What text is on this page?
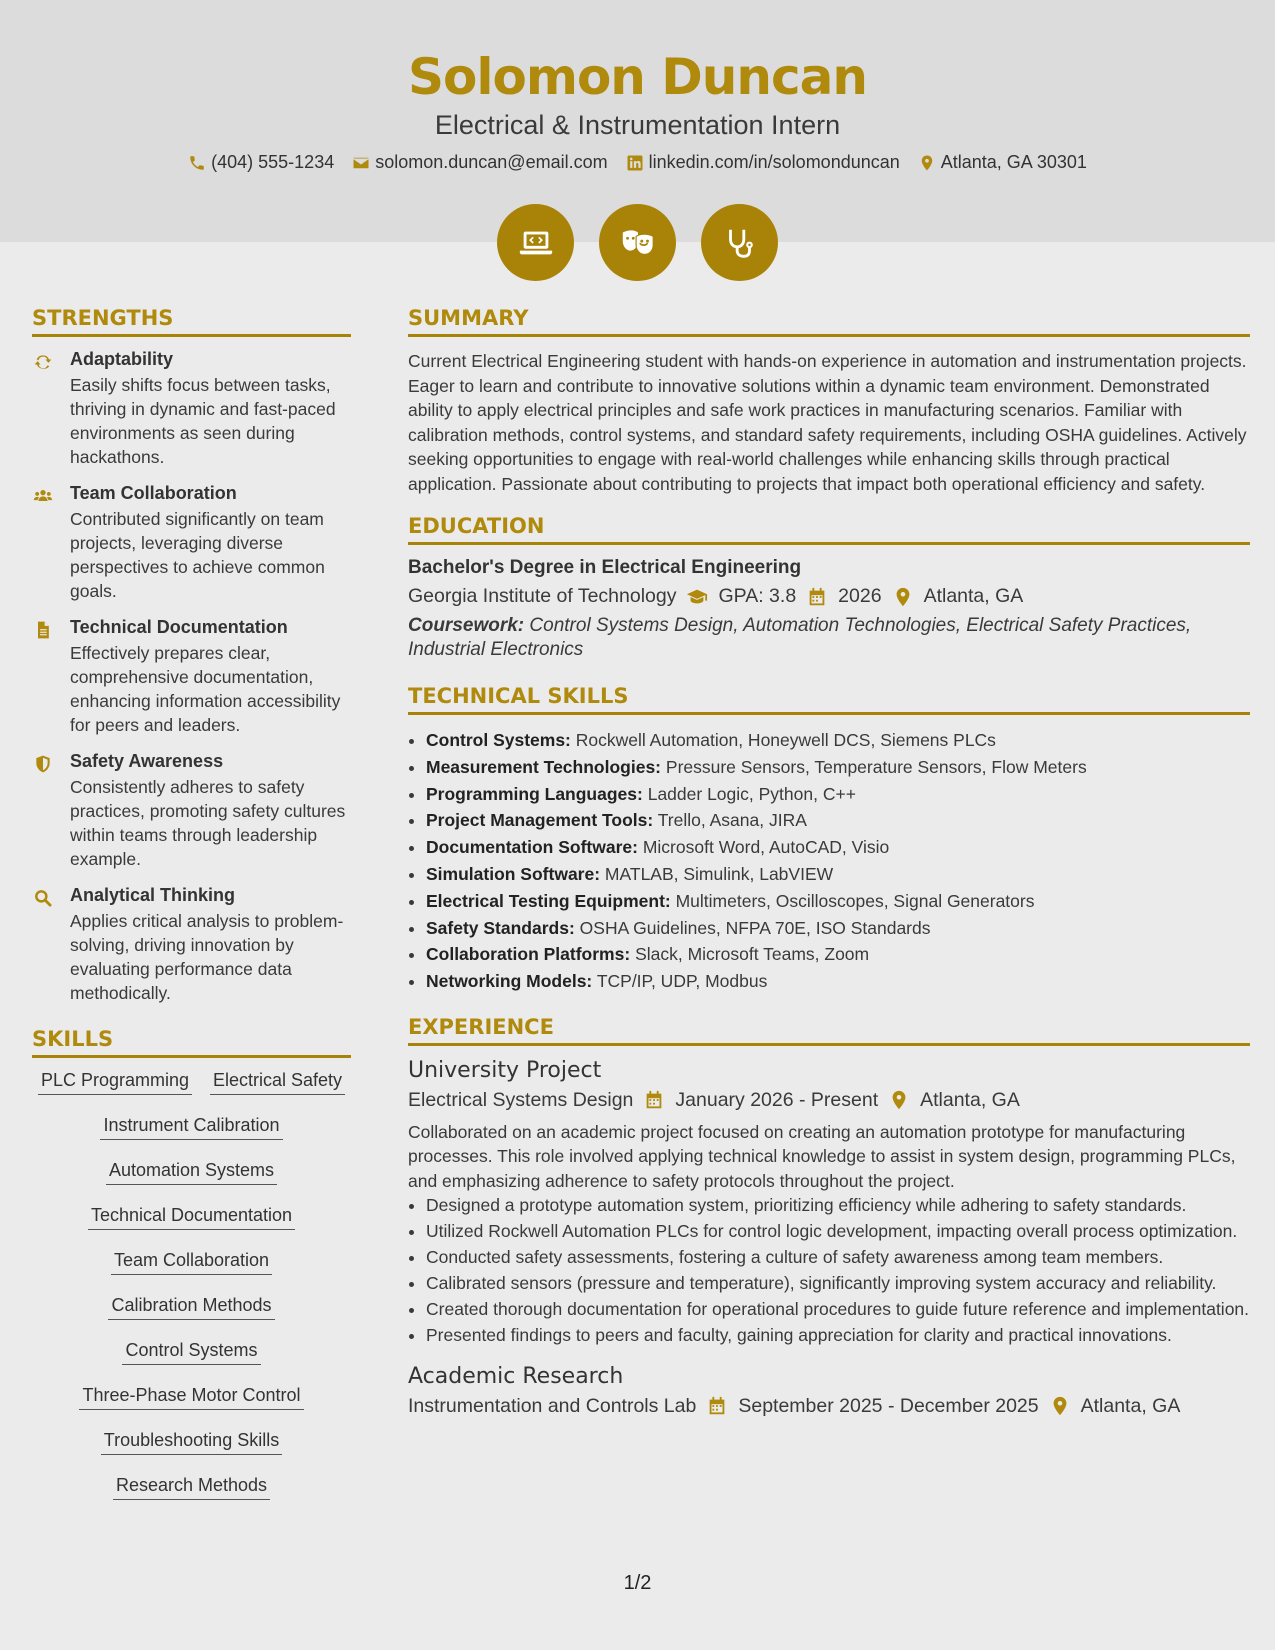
Solomon Duncan
Electrical & Instrumentation Intern
(404) 555-1234 solomon.duncan@email.com linkedin.com/in/solomonduncan Atlanta, GA 30301
STRENGTHS
Adaptability
Easily shifts focus between tasks, thriving in dynamic and fast-paced environments as seen during hackathons.
Team Collaboration
Contributed significantly on team projects, leveraging diverse perspectives to achieve common goals.
Technical Documentation
Effectively prepares clear, comprehensive documentation, enhancing information accessibility for peers and leaders.
Safety Awareness
Consistently adheres to safety practices, promoting safety cultures within teams through leadership example.
Analytical Thinking
Applies critical analysis to problem-solving, driving innovation by evaluating performance data methodically.
SKILLS
PLC Programming Electrical Safety
Instrument Calibration
Automation Systems
Technical Documentation
Team Collaboration
Calibration Methods
Control Systems
Three-Phase Motor Control
Troubleshooting Skills
Research Methods
SUMMARY
Current Electrical Engineering student with hands-on experience in automation and instrumentation projects. Eager to learn and contribute to innovative solutions within a dynamic team environment. Demonstrated ability to apply electrical principles and safe work practices in manufacturing scenarios. Familiar with calibration methods, control systems, and standard safety requirements, including OSHA guidelines. Actively seeking opportunities to engage with real-world challenges while enhancing skills through practical application. Passionate about contributing to projects that impact both operational efficiency and safety.
EDUCATION
Bachelor's Degree in Electrical Engineering
Georgia Institute of Technology GPA: 3.8 2026 Atlanta, GA
Coursework: Control Systems Design, Automation Technologies, Electrical Safety Practices, Industrial Electronics
TECHNICAL SKILLS
• Control Systems: Rockwell Automation, Honeywell DCS, Siemens PLCs
• Measurement Technologies: Pressure Sensors, Temperature Sensors, Flow Meters
• Programming Languages: Ladder Logic, Python, C++
• Project Management Tools: Trello, Asana, JIRA
• Documentation Software: Microsoft Word, AutoCAD, Visio
• Simulation Software: MATLAB, Simulink, LabVIEW
• Electrical Testing Equipment: Multimeters, Oscilloscopes, Signal Generators
• Safety Standards: OSHA Guidelines, NFPA 70E, ISO Standards
• Collaboration Platforms: Slack, Microsoft Teams, Zoom
• Networking Models: TCP/IP, UDP, Modbus
EXPERIENCE
University Project
Electrical Systems Design January 2026 - Present Atlanta, GA
Collaborated on an academic project focused on creating an automation prototype for manufacturing processes. This role involved applying technical knowledge to assist in system design, programming PLCs, and emphasizing adherence to safety protocols throughout the project.
• Designed a prototype automation system, prioritizing efficiency while adhering to safety standards.
• Utilized Rockwell Automation PLCs for control logic development, impacting overall process optimization.
• Conducted safety assessments, fostering a culture of safety awareness among team members.
• Calibrated sensors (pressure and temperature), significantly improving system accuracy and reliability.
• Created thorough documentation for operational procedures to guide future reference and implementation.
• Presented findings to peers and faculty, gaining appreciation for clarity and practical innovations.
Academic Research
Instrumentation and Controls Lab September 2025 - December 2025 Atlanta, GA
1/2
